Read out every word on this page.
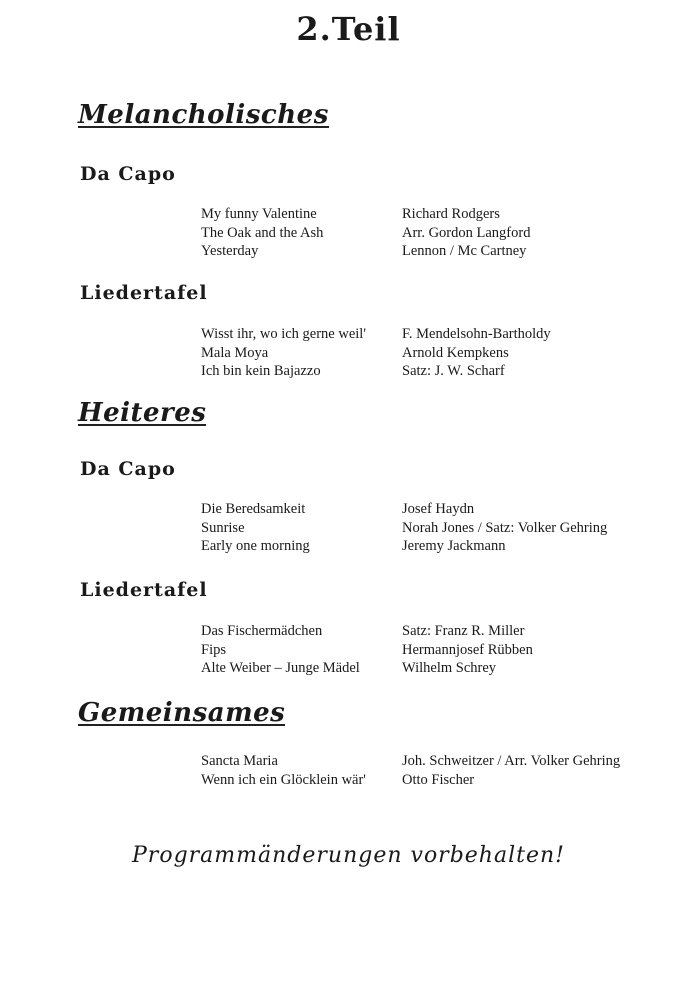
2.Teil
Melancholisches
Da Capo
My funny Valentine	Richard Rodgers
The Oak and the Ash	Arr. Gordon Langford
Yesterday	Lennon / Mc Cartney
Liedertafel
Wisst ihr, wo ich gerne weil'	F. Mendelsohn-Bartholdy
Mala Moya	Arnold Kempkens
Ich bin kein Bajazzo	Satz: J. W. Scharf
Heiteres
Da Capo
Die Beredsamkeit	Josef Haydn
Sunrise	Norah Jones / Satz: Volker Gehring
Early one morning	Jeremy Jackmann
Liedertafel
Das Fischermädchen	Satz: Franz R. Miller
Fips	Hermannjosef Rübben
Alte Weiber – Junge Mädel	Wilhelm Schrey
Gemeinsames
Sancta Maria	Joh. Schweitzer / Arr. Volker Gehring
Wenn ich ein Glöcklein wär'	Otto Fischer
Programmänderungen vorbehalten!
